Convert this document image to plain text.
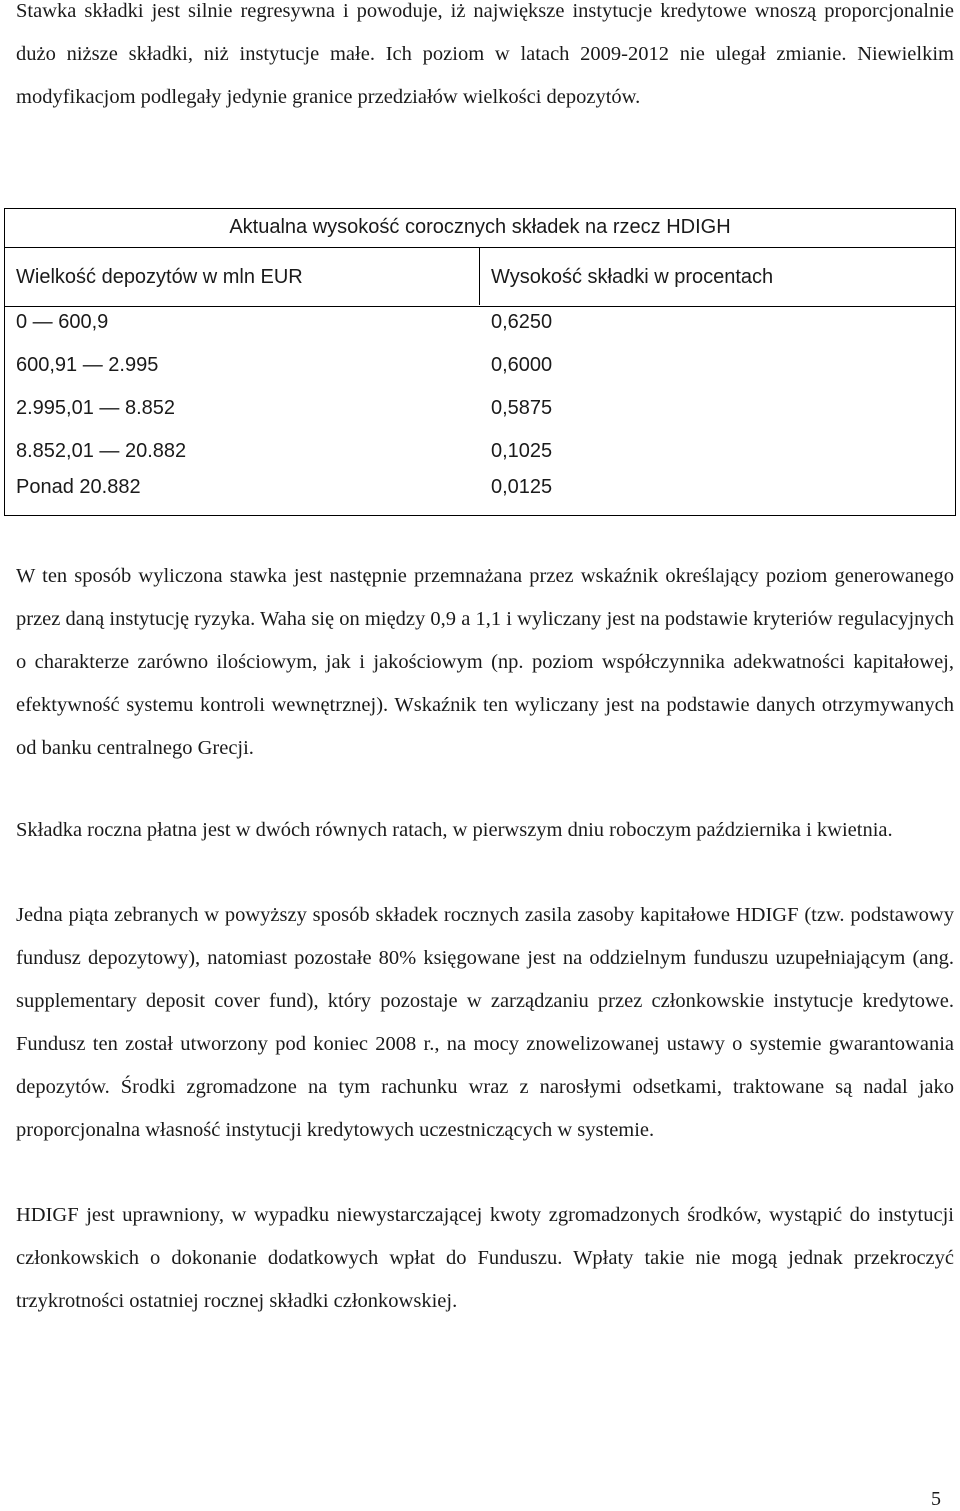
Stawka składki jest silnie regresywna i powoduje, iż największe instytucje kredytowe wnoszą proporcjonalnie dużo niższe składki, niż instytucje małe. Ich poziom w latach 2009-2012 nie ulegał zmianie. Niewielkim modyfikacjom podlegały jedynie granice przedziałów wielkości depozytów.
Aktualna wysokość corocznych składek na rzecz HDIGH
Wielkość depozytów w mln EUR	Wysokość składki w procentach
0 ― 600,9	0,6250
600,91 ― 2.995	0,6000
2.995,01 ― 8.852	0,5875
8.852,01 ― 20.882	0,1025
Ponad 20.882	0,0125
W ten sposób wyliczona stawka jest następnie przemnażana przez wskaźnik określający poziom generowanego przez daną instytucję ryzyka. Waha się on między 0,9 a 1,1 i wyliczany jest na podstawie kryteriów regulacyjnych o charakterze zarówno ilościowym, jak i jakościowym (np. poziom współczynnika adekwatności kapitałowej, efektywność systemu kontroli wewnętrznej). Wskaźnik ten wyliczany jest na podstawie danych otrzymywanych od banku centralnego Grecji.
Składka roczna płatna jest w dwóch równych ratach, w pierwszym dniu roboczym października i kwietnia.
Jedna piąta zebranych w powyższy sposób składek rocznych zasila zasoby kapitałowe HDIGF (tzw. podstawowy fundusz depozytowy), natomiast pozostałe 80% księgowane jest na oddzielnym funduszu uzupełniającym (ang. supplementary deposit cover fund), który pozostaje w zarządzaniu przez członkowskie instytucje kredytowe. Fundusz ten został utworzony pod koniec 2008 r., na mocy znowelizowanej ustawy o systemie gwarantowania depozytów. Środki zgromadzone na tym rachunku wraz z narosłymi odsetkami, traktowane są nadal jako proporcjonalna własność instytucji kredytowych uczestniczących w systemie.
HDIGF jest uprawniony, w wypadku niewystarczającej kwoty zgromadzonych środków, wystąpić do instytucji członkowskich o dokonanie dodatkowych wpłat do Funduszu. Wpłaty takie nie mogą jednak przekroczyć trzykrotności ostatniej rocznej składki członkowskiej.
5
